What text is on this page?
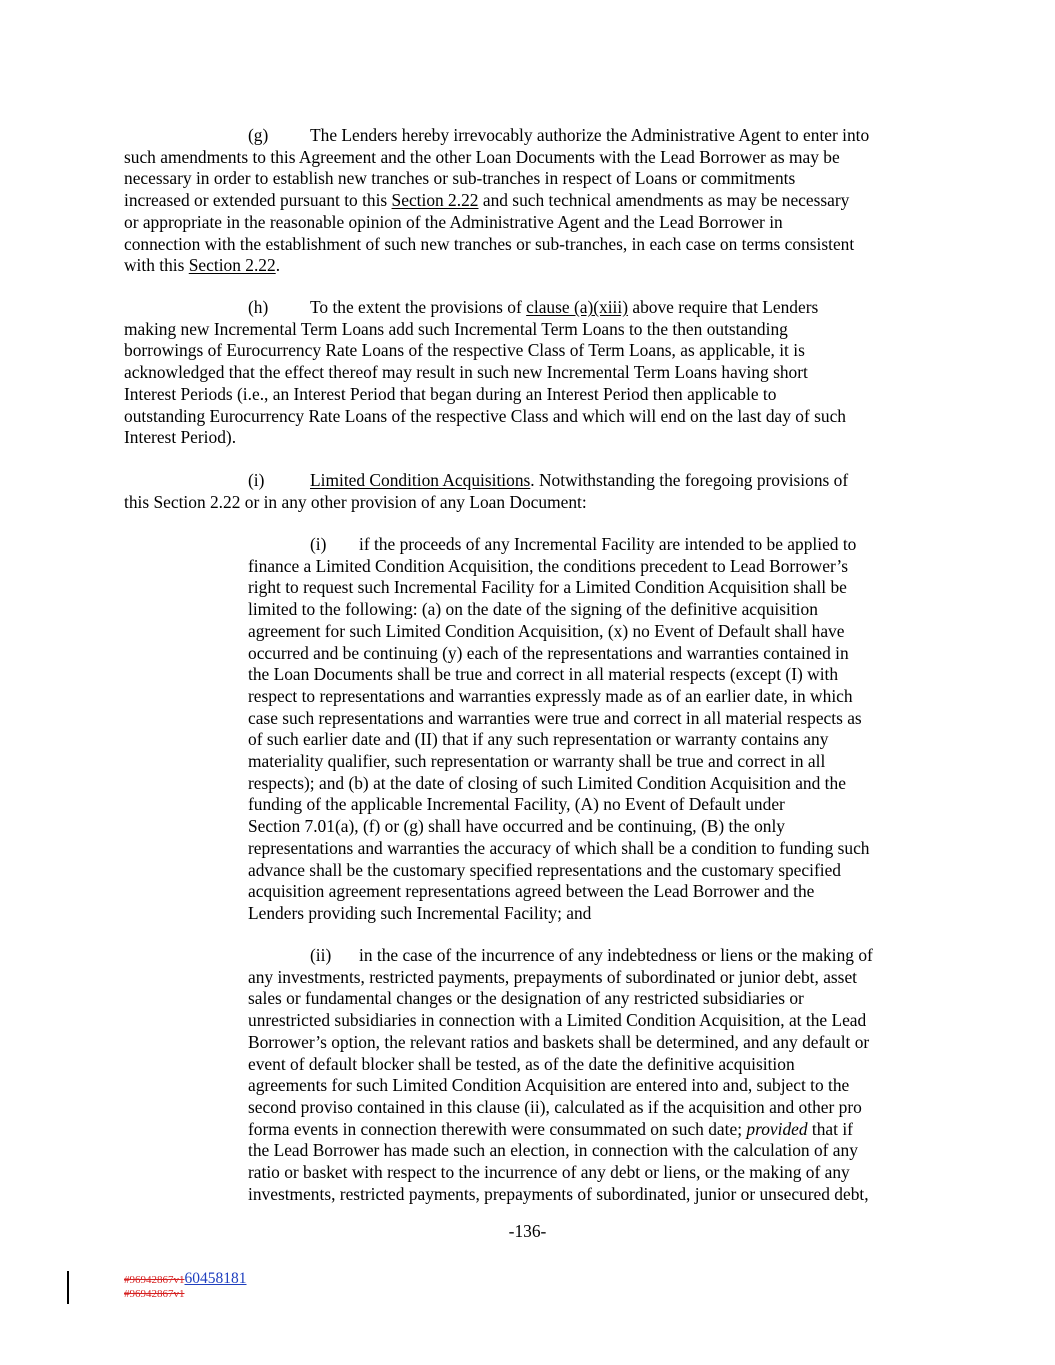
(g) The Lenders hereby irrevocably authorize the Administrative Agent to enter into
such amendments to this Agreement and the other Loan Documents with the Lead Borrower as may be
necessary in order to establish new tranches or sub-tranches in respect of Loans or commitments
increased or extended pursuant to this Section 2.22 and such technical amendments as may be necessary
or appropriate in the reasonable opinion of the Administrative Agent and the Lead Borrower in
connection with the establishment of such new tranches or sub-tranches, in each case on terms consistent
with this Section 2.22.
(h) To the extent the provisions of clause (a)(xiii) above require that Lenders
making new Incremental Term Loans add such Incremental Term Loans to the then outstanding
borrowings of Eurocurrency Rate Loans of the respective Class of Term Loans, as applicable, it is
acknowledged that the effect thereof may result in such new Incremental Term Loans having short
Interest Periods (i.e., an Interest Period that began during an Interest Period then applicable to
outstanding Eurocurrency Rate Loans of the respective Class and which will end on the last day of such
Interest Period).
(i)	Limited Condition Acquisitions. Notwithstanding the foregoing provisions of
this Section 2.22 or in any other provision of any Loan Document:
(i) if the proceeds of any Incremental Facility are intended to be applied to
finance a Limited Condition Acquisition, the conditions precedent to Lead Borrower’s
right to request such Incremental Facility for a Limited Condition Acquisition shall be
limited to the following: (a) on the date of the signing of the definitive acquisition
agreement for such Limited Condition Acquisition, (x) no Event of Default shall have
occurred and be continuing (y) each of the representations and warranties contained in
the Loan Documents shall be true and correct in all material respects (except (I) with
respect to representations and warranties expressly made as of an earlier date, in which
case such representations and warranties were true and correct in all material respects as
of such earlier date and (II) that if any such representation or warranty contains any
materiality qualifier, such representation or warranty shall be true and correct in all
respects); and (b) at the date of closing of such Limited Condition Acquisition and the
funding of the applicable Incremental Facility, (A) no Event of Default under
Section 7.01(a), (f) or (g) shall have occurred and be continuing, (B) the only
representations and warranties the accuracy of which shall be a condition to funding such
advance shall be the customary specified representations and the customary specified
acquisition agreement representations agreed between the Lead Borrower and the
Lenders providing such Incremental Facility; and
(ii) in the case of the incurrence of any indebtedness or liens or the making of
any investments, restricted payments, prepayments of subordinated or junior debt, asset
sales or fundamental changes or the designation of any restricted subsidiaries or
unrestricted subsidiaries in connection with a Limited Condition Acquisition, at the Lead
Borrower’s option, the relevant ratios and baskets shall be determined, and any default or
event of default blocker shall be tested, as of the date the definitive acquisition
agreements for such Limited Condition Acquisition are entered into and, subject to the
second proviso contained in this clause (ii), calculated as if the acquisition and other pro
forma events in connection therewith were consummated on such date; provided that if
the Lead Borrower has made such an election, in connection with the calculation of any
ratio or basket with respect to the incurrence of any debt or liens, or the making of any
investments, restricted payments, prepayments of subordinated, junior or unsecured debt,
-136-
#96942867v160458181
#96942867v1
